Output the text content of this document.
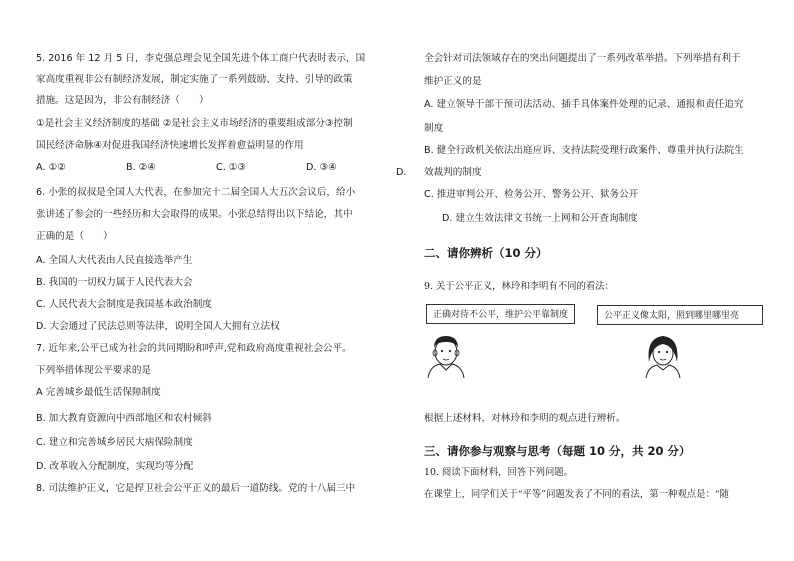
5. 2016 年 12 月 5 日，李克强总理会见全国先进个体工商户代表时表示，国
家高度重视非公有制经济发展，制定实施了一系列鼓励、支持、引导的政策
措施。这是因为，非公有制经济（　　）
①是社会主义经济制度的基础 ②是社会主义市场经济的重要组成部分③控制
国民经济命脉④对促进我国经济快速增长发挥着愈益明显的作用
A. ①②	B. ②④	C. ①③	D. ③④
6. 小张的叔叔是全国人大代表，在参加完十二届全国人大五次会议后，给小
张讲述了参会的一些经历和大会取得的成果。小张总结得出以下结论，其中
正确的是（　　）
A. 全国人大代表由人民直接选举产生
B. 我国的一切权力属于人民代表大会
C. 人民代表大会制度是我国基本政治制度
D. 大会通过了民法总则等法律，说明全国人大拥有立法权
7. 近年来,公平已成为社会的共同期盼和呼声,党和政府高度重视社会公平。
下列举措体现公平要求的是
A 完善城乡最低生活保障制度
B. 加大教育资源向中西部地区和农村倾斜
C. 建立和完善城乡居民大病保险制度
D. 改革收入分配制度，实现均等分配
8. 司法维护正义，它是捍卫社会公平正义的最后一道防线。党的十八届三中
全会针对司法领域存在的突出问题提出了一系列改革举措。下列举措有利于
维护正义的是
A. 建立领导干部干预司法活动、插手具体案件处理的记录、通报和责任追究
制度
B. 健全行政机关依法出庭应诉、支持法院受理行政案件、尊重并执行法院生
D. 效裁判的制度
C. 推进审判公开、检务公开、警务公开、狱务公开
D. 建立生效法律文书统一上网和公开查询制度
二、请你辨析（10 分）
9. 关于公平正义，林玲和李明有不同的看法：
正确对待不公平，维护公平靠制度	公平正义像太阳，照到哪里哪里亮
根据上述材料，对林玲和李明的观点进行辨析。
三、请你参与观察与思考（每题 10 分，共 20 分）
10. 阅读下面材料，回答下列问题。
在课堂上，同学们关于“平等”问题发表了不同的看法，第一种观点是：“随
